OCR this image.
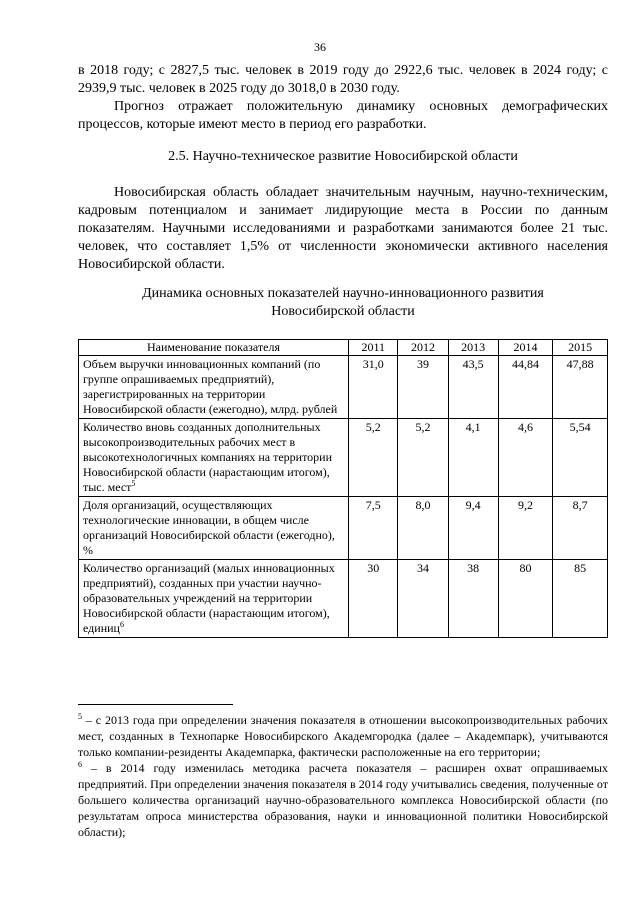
36

в 2018 году; с 2827,5 тыс. человек в 2019 году до 2922,6 тыс. человек в 2024 году; с 2939,9 тыс. человек в 2025 году до 3018,0 в 2030 году.

Прогноз отражает положительную динамику основных демографических процессов, которые имеют место в период его разработки.

2.5. Научно-техническое развитие Новосибирской области

Новосибирская область обладает значительным научным, научно-техническим, кадровым потенциалом и занимает лидирующие места в России по данным показателям. Научными исследованиями и разработками занимаются более 21 тыс. человек, что составляет 1,5% от численности экономически активного населения Новосибирской области.

Динамика основных показателей научно-инновационного развития
Новосибирской области
Наименование показателя	2011	2012	2013	2014	2015
Объем выручки инновационных компаний (по группе опрашиваемых предприятий), зарегистрированных на территории Новосибирской области (ежегодно), млрд. рублей	31,0	39	43,5	44,84	47,88
Количество вновь созданных дополнительных высокопроизводительных рабочих мест в высокотехнологичных компаниях на территории Новосибирской области (нарастающим итогом), тыс. мест$^5$	5,2	5,2	4,1	4,6	5,54
Доля организаций, осуществляющих технологические инновации, в общем числе организаций Новосибирской области (ежегодно), %	7,5	8,0	9,4	9,2	8,7
Количество организаций (малых инновационных предприятий), созданных при участии научно-образовательных учреждений на территории Новосибирской области (нарастающим итогом), единиц$^6$	30	34	38	80	85

$^5$ – с 2013 года при определении значения показателя в отношении высокопроизводительных рабочих мест, созданных в Технопарке Новосибирского Академгородка (далее – Академпарк), учитываются только компании-резиденты Академпарка, фактически расположенные на его территории;

$^6$ – в 2014 году изменилась методика расчета показателя – расширен охват опрашиваемых предприятий. При определении значения показателя в 2014 году учитывались сведения, полученные от большего количества организаций научно-образовательного комплекса Новосибирской области (по результатам опроса министерства образования, науки и инновационной политики Новосибирской области);
